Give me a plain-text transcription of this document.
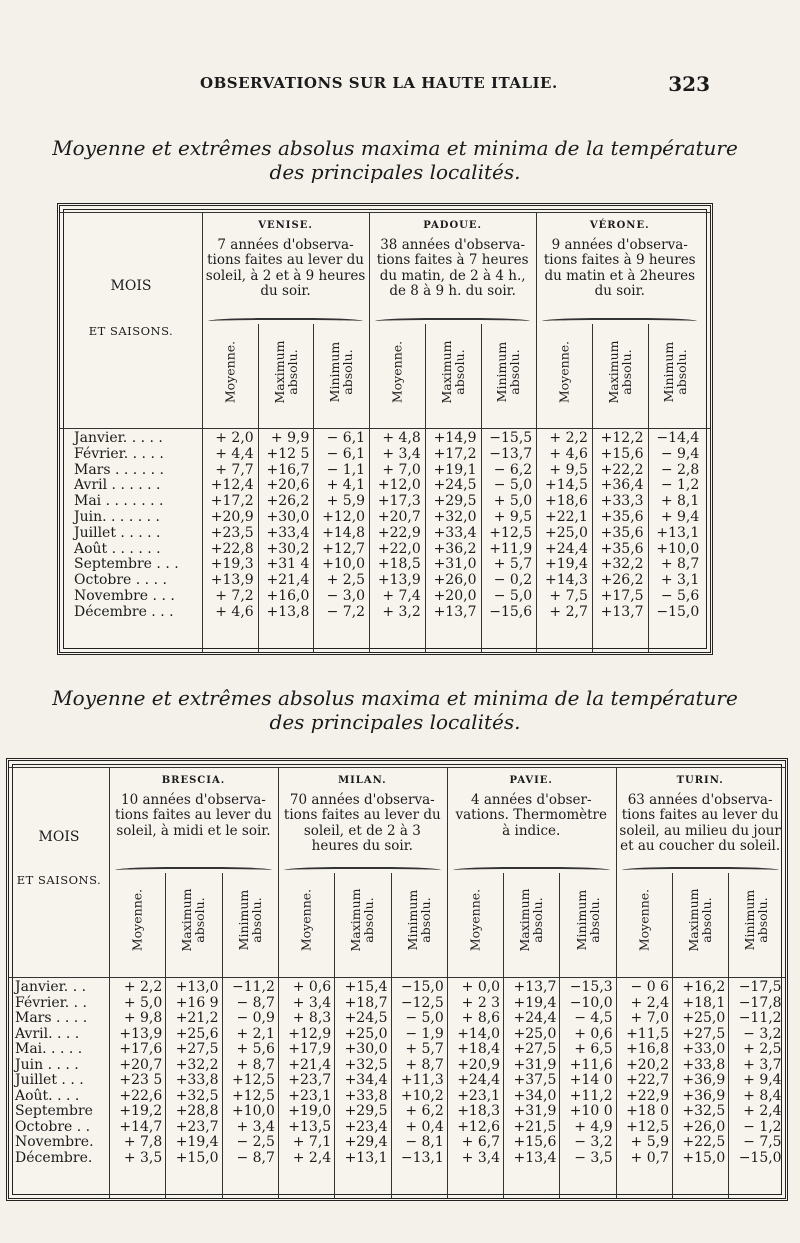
OBSERVATIONS SUR LA HAUTE ITALIE.	323
Moyenne et extrêmes absolus maxima et minima de la température
des principales localités.
MOIS
ET SAISONS.
VENISE.
7 années d'observa-tions faites au lever du soleil, à 2 et à 9 heures du soir.
Moyenne.	Maximum absolu. Minimum absolu.
PADOUE.
38 années d'observa-tions faites à 7 heures du matin, de 2 à 4 h., de 8 à 9 h. du soir.
Moyenne.	Maximum absolu. Minimum absolu.
VÉRONE.
9 années d'observa-tions faites à 9 heures du matin et à 2heures du soir.
Moyenne.	Maximum absolu. Minimum absolu.
Janvier. . . . .	+ 2,0	+ 9,9	− 6,1	+ 4,8 +14,9 −15,5	+ 2,2 +12,2 −14,4
Février. . . . .	+ 4,4 +12 5	− 6,1	+ 3,4 +17,2 −13,7	+ 4,6 +15,6	− 9,4
Mars . . . . . .	+ 7,7 +16,7	− 1,1	+ 7,0 +19,1	− 6,2	+ 9,5 +22,2	− 2,8
Avril . . . . . .	+12,4 +20,6	+ 4,1 +12,0 +24,5	− 5,0 +14,5 +36,4	− 1,2
Mai . . . . . . .	+17,2 +26,2	+ 5,9 +17,3 +29,5	+ 5,0 +18,6 +33,3	+ 8,1
Juin. . . . . . .	+20,9 +30,0 +12,0 +20,7 +32,0	+ 9,5 +22,1 +35,6	+ 9,4
Juillet . . . . .	+23,5 +33,4 +14,8 +22,9 +33,4 +12,5 +25,0 +35,6 +13,1
Août . . . . . .	+22,8 +30,2 +12,7 +22,0 +36,2 +11,9 +24,4 +35,6 +10,0
Septembre . . .	+19,3 +31 4 +10,0 +18,5 +31,0	+ 5,7 +19,4 +32,2	+ 8,7
Octobre . . . .	+13,9 +21,4	+ 2,5 +13,9 +26,0	− 0,2 +14,3 +26,2	+ 3,1
Novembre . . .	+ 7,2 +16,0	− 3,0	+ 7,4 +20,0	− 5,0	+ 7,5 +17,5	− 5,6
Décembre . . .	+ 4,6 +13,8	− 7,2	+ 3,2 +13,7 −15,6	+ 2,7 +13,7 −15,0
Moyenne et extrêmes absolus maxima et minima de la température
des principales localités.
MOIS
ET SAISONS.
BRESCIA.
10 années d'observa-tions faites au lever du soleil, à midi et le soir.
Moyenne.	Maximum absolu. Minimum absolu.
MILAN.
70 années d'observa-tions faites au lever du soleil, et de 2 à 3 heures du soir.
Moyenne.	Maximum absolu. Minimum absolu.
PAVIE.
4 années d'obser-vations. Thermomètre à indice.
Moyenne.	Maximum absolu. Minimum absolu.
TURIN.
63 années d'observa-tions faites au lever du soleil, au milieu du jour et au coucher du soleil.
Moyenne.	Maximum absolu. Minimum absolu.
Janvier. . .	+ 2,2 +13,0 −11,2	+ 0,6 +15,4 −15,0	+ 0,0 +13,7 −15,3	− 0 6 +16,2 −17,5
Février. . .	+ 5,0 +16 9	− 8,7	+ 3,4 +18,7 −12,5	+ 2 3 +19,4 −10,0	+ 2,4 +18,1 −17,8
Mars . . . .	+ 9,8 +21,2	− 0,9	+ 8,3 +24,5	− 5,0	+ 8,6 +24,4	− 4,5	+ 7,0 +25,0 −11,2
Avril. . . .	+13,9 +25,6	+ 2,1 +12,9 +25,0	− 1,9 +14,0 +25,0	+ 0,6 +11,5 +27,5	− 3,2
Mai. . . . .	+17,6 +27,5	+ 5,6 +17,9 +30,0	+ 5,7 +18,4 +27,5	+ 6,5 +16,8 +33,0	+ 2,5
Juin . . . .	+20,7 +32,2	+ 8,7 +21,4 +32,5	+ 8,7 +20,9 +31,9 +11,6 +20,2 +33,8	+ 3,7
Juillet . . .	+23 5 +33,8 +12,5 +23,7 +34,4 +11,3 +24,4 +37,5 +14 0 +22,7 +36,9	+ 9,4
Août. . . .	+22,6 +32,5 +12,5 +23,1 +33,8 +10,2 +23,1 +34,0 +11,2 +22,9 +36,9	+ 8,4
Septembre	+19,2 +28,8 +10,0 +19,0 +29,5	+ 6,2 +18,3 +31,9 +10 0 +18 0 +32,5	+ 2,4
Octobre . .	+14,7 +23,7	+ 3,4 +13,5 +23,4	+ 0,4 +12,6 +21,5	+ 4,9 +12,5 +26,0	− 1,2
Novembre.	+ 7,8 +19,4	− 2,5	+ 7,1 +29,4	− 8,1	+ 6,7 +15,6	− 3,2	+ 5,9 +22,5	− 7,5
Décembre.	+ 3,5 +15,0	− 8,7	+ 2,4 +13,1 −13,1	+ 3,4 +13,4	− 3,5	+ 0,7 +15,0 −15,0
